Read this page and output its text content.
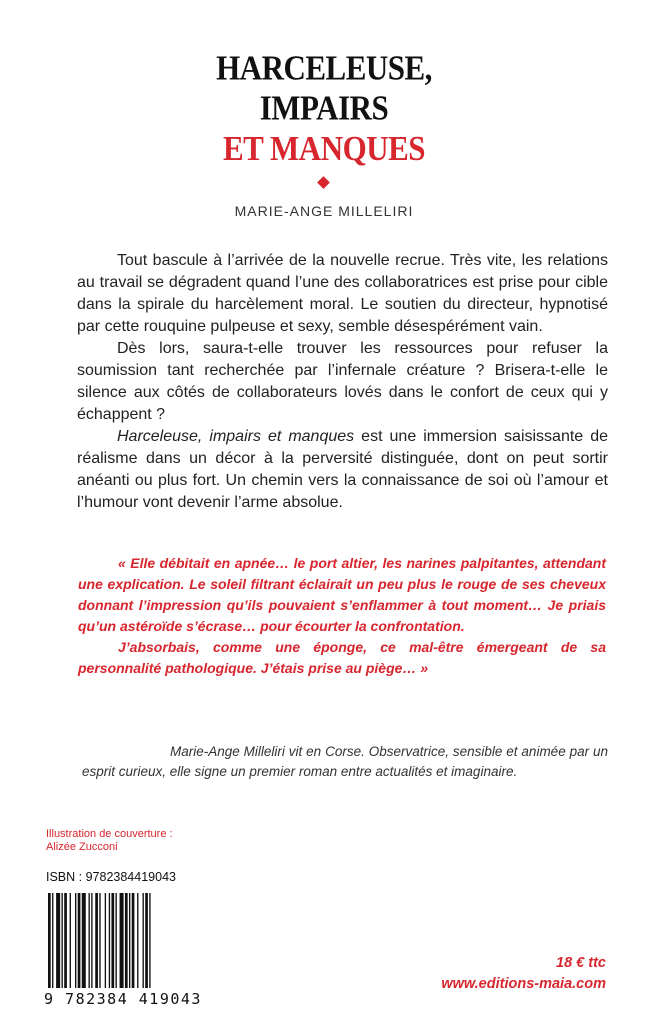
HARCELEUSE,
IMPAIRS
ET MANQUES
MARIE-ANGE MILLELIRI

Tout bascule à l’arrivée de la nouvelle recrue. Très vite, les relations au travail se dégradent quand l’une des collaboratrices est prise pour cible dans la spirale du harcèlement moral. Le soutien du directeur, hypnotisé par cette rouquine pulpeuse et sexy, semble désespérément vain.

Dès lors, saura-t-elle trouver les ressources pour refuser la soumission tant recherchée par l’infernale créature ? Brisera-t-elle le silence aux côtés de collaborateurs lovés dans le confort de ceux qui y échappent ?

Harceleuse, impairs et manques est une immersion saisissante de réalisme dans un décor à la perversité distinguée, dont on peut sortir anéanti ou plus fort. Un chemin vers la connaissance de soi où l’amour et l’humour vont devenir l’arme absolue.

« Elle débitait en apnée… le port altier, les narines palpitantes, attendant une explication. Le soleil filtrant éclairait un peu plus le rouge de ses cheveux donnant l’impression qu’ils pouvaient s’enflammer à tout moment… Je priais qu’un astéroïde s’écrase… pour écourter la confrontation.

J’absorbais, comme une éponge, ce mal-être émergeant de sa personnalité pathologique. J’étais prise au piège… »

Marie-Ange Milleliri vit en Corse. Observatrice, sensible et animée par un esprit curieux, elle signe un premier roman entre actualités et imaginaire.

Illustration de couverture :
Alizée Zucconi
ISBN : 9782384419043
9 782384 419043
18 € ttc
www.editions-maia.com
